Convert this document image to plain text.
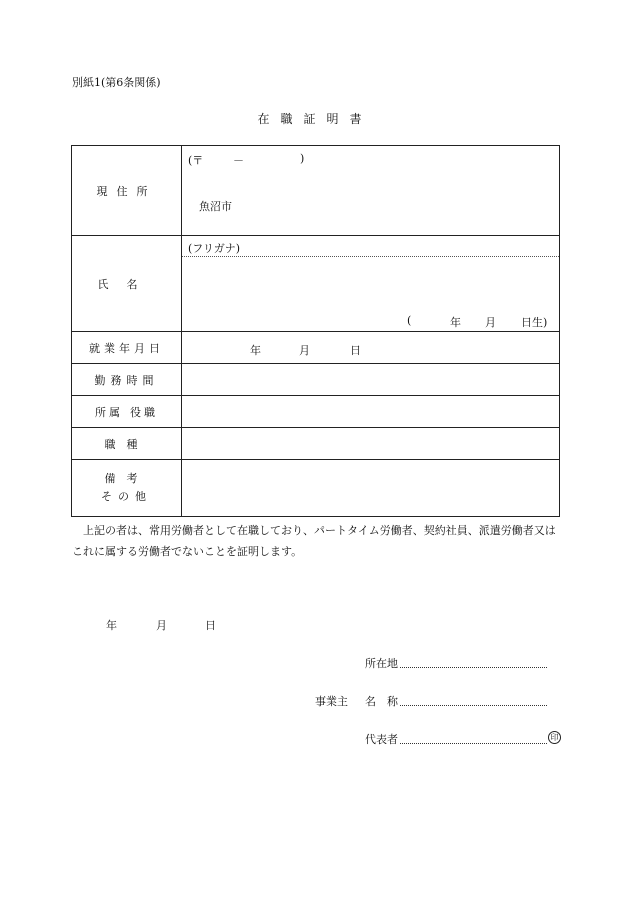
別紙1(第6条関係)
在職証明書
現住所	(〒 － )
魚沼市

氏名	(フリガナ)
( 年 月 日生)

就業年月日	年 月 日

勤務時間	
所属 役職	
職種	

備考
その他	

上記の者は、常用労働者として在職しており、パートタイム労働者、契約社員、派遣労働者又はこれに属する労働者でないことを証明します。
年	月	日
所在地
事業主 名　称
代表者	印
